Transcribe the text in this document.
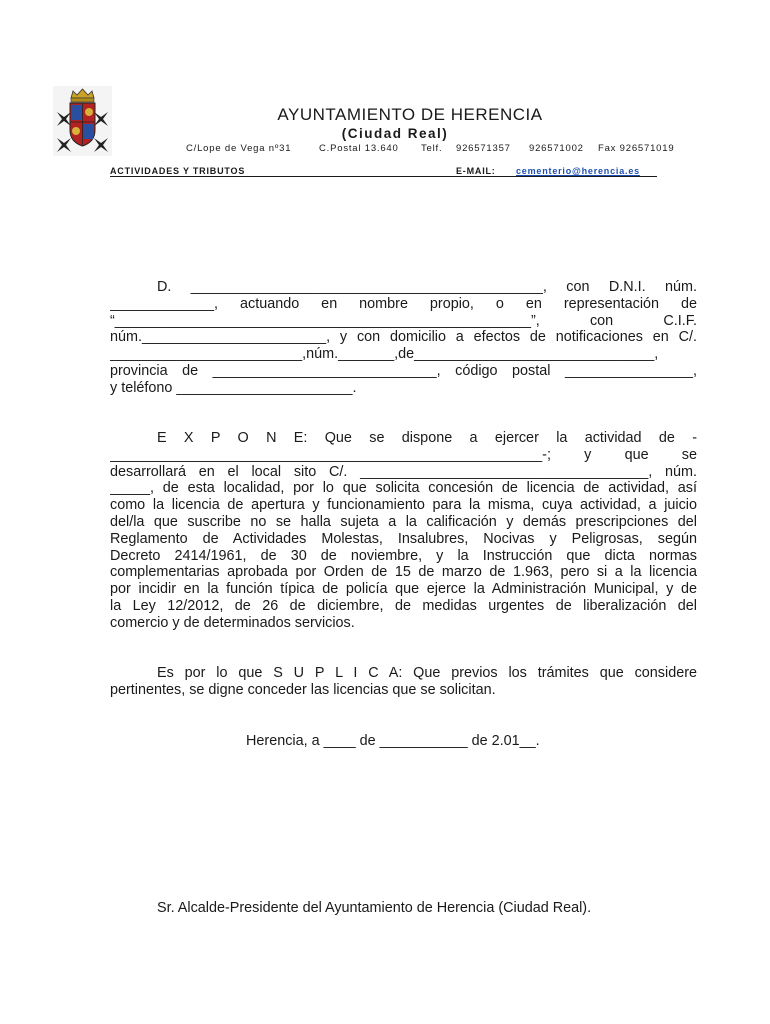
AYUNTAMIENTO DE HERENCIA
(Ciudad Real)
C/Lope de Vega nº31	C.Postal 13.640 Telf. 926571357 926571002 Fax 926571019
ACTIVIDADES Y TRIBUTOS	E-MAIL: cementerio@herencia.es
D. ____________________________________________, con D.N.I. núm.
_____________, actuando en nombre propio, o en representación de
“____________________________________________________”, con C.I.F.
núm._______________________, y con domicilio a efectos de notificaciones en C/.
________________________,núm._______,de______________________________,
provincia de ____________________________, código postal ________________,
y teléfono ______________________.
E X P O N E: Que se dispone a ejercer la actividad de -
______________________________________________________-; y que se
desarrollará en el local sito C/. ____________________________________, núm.
_____, de esta localidad, por lo que solicita concesión de licencia de actividad, así
como la licencia de apertura y funcionamiento para la misma, cuya actividad, a juicio
del/la que suscribe no se halla sujeta a la calificación y demás prescripciones del
Reglamento de Actividades Molestas, Insalubres, Nocivas y Peligrosas, según
Decreto 2414/1961, de 30 de noviembre, y la Instrucción que dicta normas
complementarias aprobada por Orden de 15 de marzo de 1.963, pero si a la licencia
por incidir en la función típica de policía que ejerce la Administración Municipal, y de
la Ley 12/2012, de 26 de diciembre, de medidas urgentes de liberalización del
comercio y de determinados servicios.
Es por lo que S U P L I C A: Que previos los trámites que considere
pertinentes, se digne conceder las licencias que se solicitan.
Herencia, a ____ de ___________ de 2.01__.
Sr. Alcalde-Presidente del Ayuntamiento de Herencia (Ciudad Real).
